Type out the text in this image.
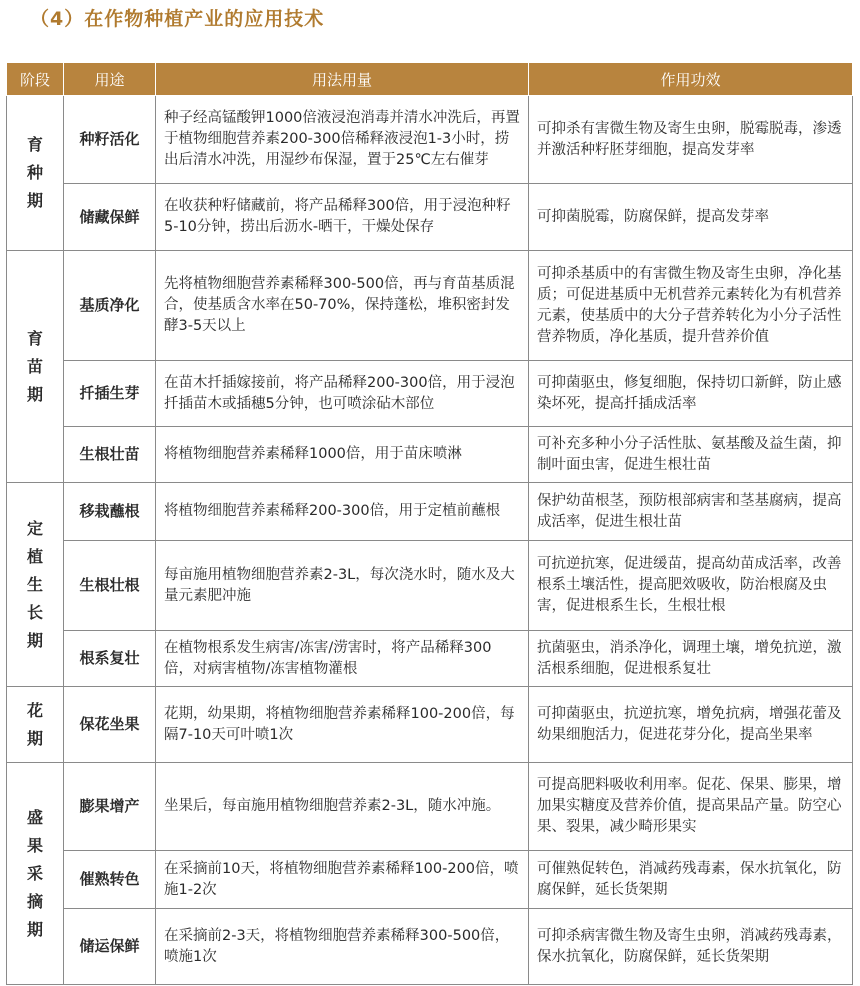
（4）在作物种植产业的应用技术
阶段	用途	用法用量	作用功效

育
种
期	种籽活化	种子经高锰酸钾1000倍液浸泡消毒并清水冲洗后，再置于植物细胞营养素200-300倍稀释液浸泡1-3小时，捞出后清水冲洗，用湿纱布保湿，置于25℃左右催芽	可抑杀有害微生物及寄生虫卵，脱霉脱毒，渗透并激活种籽胚芽细胞，提高发芽率
	储藏保鲜	在收获种籽储藏前，将产品稀释300倍，用于浸泡种籽5-10分钟，捞出后沥水-晒干，干燥处保存	可抑菌脱霉，防腐保鲜，提高发芽率

育
苗
期	基质净化	先将植物细胞营养素稀释300-500倍，再与育苗基质混合，使基质含水率在50-70%，保持蓬松，堆积密封发酵3-5天以上	可抑杀基质中的有害微生物及寄生虫卵，净化基质；可促进基质中无机营养元素转化为有机营养元素，使基质中的大分子营养转化为小分子活性营养物质，净化基质，提升营养价值
	扦插生芽	在苗木扦插嫁接前，将产品稀释200-300倍，用于浸泡扦插苗木或插穗5分钟，也可喷涂砧木部位	可抑菌驱虫，修复细胞，保持切口新鲜，防止感染坏死，提高扦插成活率
	生根壮苗	将植物细胞营养素稀释1000倍，用于苗床喷淋	可补充多种小分子活性肽、氨基酸及益生菌，抑制叶面虫害，促进生根壮苗

定
植
生
长
期	移栽蘸根	将植物细胞营养素稀释200-300倍，用于定植前蘸根	保护幼苗根茎，预防根部病害和茎基腐病，提高成活率，促进生根壮苗
	生根壮根	每亩施用植物细胞营养素2-3L，每次浇水时，随水及大量元素肥冲施	可抗逆抗寒，促进缓苗，提高幼苗成活率，改善根系土壤活性，提高肥效吸收，防治根腐及虫害，促进根系生长，生根壮根
	根系复壮	在植物根系发生病害/冻害/涝害时，将产品稀释300倍，对病害植物/冻害植物灌根	抗菌驱虫，消杀净化，调理土壤，增免抗逆，激活根系细胞，促进根系复壮

花
期	保花坐果	花期，幼果期，将植物细胞营养素稀释100-200倍，每隔7-10天可叶喷1次	可抑菌驱虫，抗逆抗寒，增免抗病，增强花蕾及幼果细胞活力，促进花芽分化，提高坐果率

盛
果
采
摘
期	膨果增产	坐果后，每亩施用植物细胞营养素2-3L，随水冲施。	可提高肥料吸收利用率。促花、保果、膨果，增加果实糖度及营养价值，提高果品产量。防空心果、裂果，减少畸形果实
	催熟转色	在采摘前10天，将植物细胞营养素稀释100-200倍，喷施1-2次	可催熟促转色，消减药残毒素，保水抗氧化，防腐保鲜，延长货架期
	储运保鲜	在采摘前2-3天，将植物细胞营养素稀释300-500倍，喷施1次	可抑杀病害微生物及寄生虫卵，消减药残毒素，保水抗氧化，防腐保鲜，延长货架期
